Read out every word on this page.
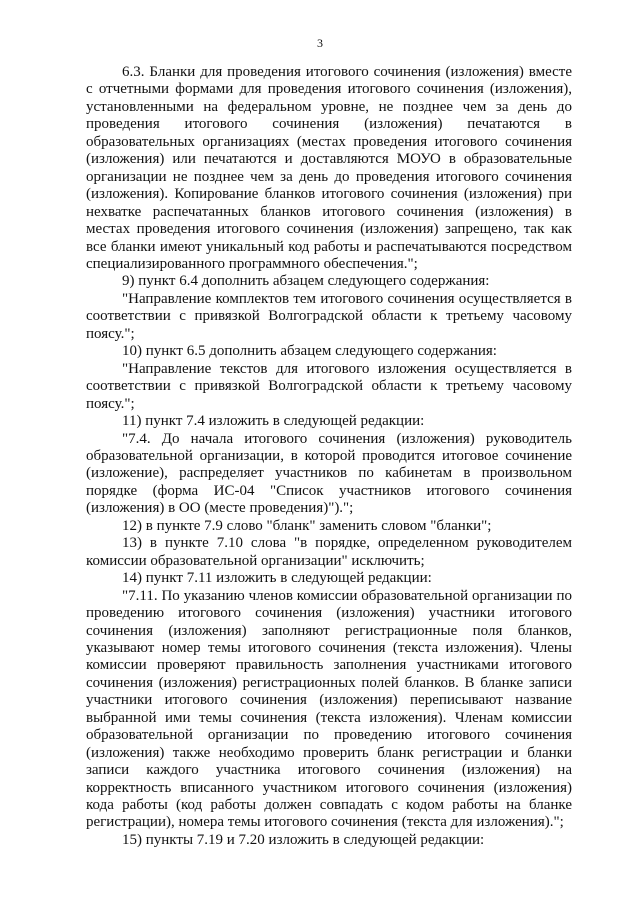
3

6.3. Бланки для проведения итогового сочинения (изложения) вместе с отчетными формами для проведения итогового сочинения (изложения), установленными на федеральном уровне, не позднее чем за день до проведения итогового сочинения (изложения) печатаются в образовательных организациях (местах проведения итогового сочинения (изложения) или печатаются и доставляются МОУО в образовательные организации не позднее чем за день до проведения итогового сочинения (изложения). Копирование бланков итогового сочинения (изложения) при нехватке распечатанных бланков итогового сочинения (изложения) в местах проведения итогового сочинения (изложения) запрещено, так как все бланки имеют уникальный код работы и распечатываются посредством специализированного программного обеспечения.";

9) пункт 6.4 дополнить абзацем следующего содержания:

"Направление комплектов тем итогового сочинения осуществляется в соответствии с привязкой Волгоградской области к третьему часовому поясу.";

10) пункт 6.5 дополнить абзацем следующего содержания:

"Направление текстов для итогового изложения осуществляется в соответствии с привязкой Волгоградской области к третьему часовому поясу.";

11) пункт 7.4 изложить в следующей редакции:

"7.4. До начала итогового сочинения (изложения) руководитель образовательной организации, в которой проводится итоговое сочинение (изложение), распределяет участников по кабинетам в произвольном порядке (форма ИС-04 "Список участников итогового сочинения (изложения) в ОО (месте проведения)").";

12) в пункте 7.9 слово "бланк" заменить словом "бланки";

13) в пункте 7.10 слова "в порядке, определенном руководителем комиссии образовательной организации" исключить;

14) пункт 7.11 изложить в следующей редакции:

"7.11. По указанию членов комиссии образовательной организации по проведению итогового сочинения (изложения) участники итогового сочинения (изложения) заполняют регистрационные поля бланков, указывают номер темы итогового сочинения (текста изложения). Члены комиссии проверяют правильность заполнения участниками итогового сочинения (изложения) регистрационных полей бланков. В бланке записи участники итогового сочинения (изложения) переписывают название выбранной ими темы сочинения (текста изложения). Членам комиссии образовательной организации по проведению итогового сочинения (изложения) также необходимо проверить бланк регистрации и бланки записи каждого участника итогового сочинения (изложения) на корректность вписанного участником итогового сочинения (изложения) кода работы (код работы должен совпадать с кодом работы на бланке регистрации), номера темы итогового сочинения (текста для изложения).";

15) пункты 7.19 и 7.20 изложить в следующей редакции:
